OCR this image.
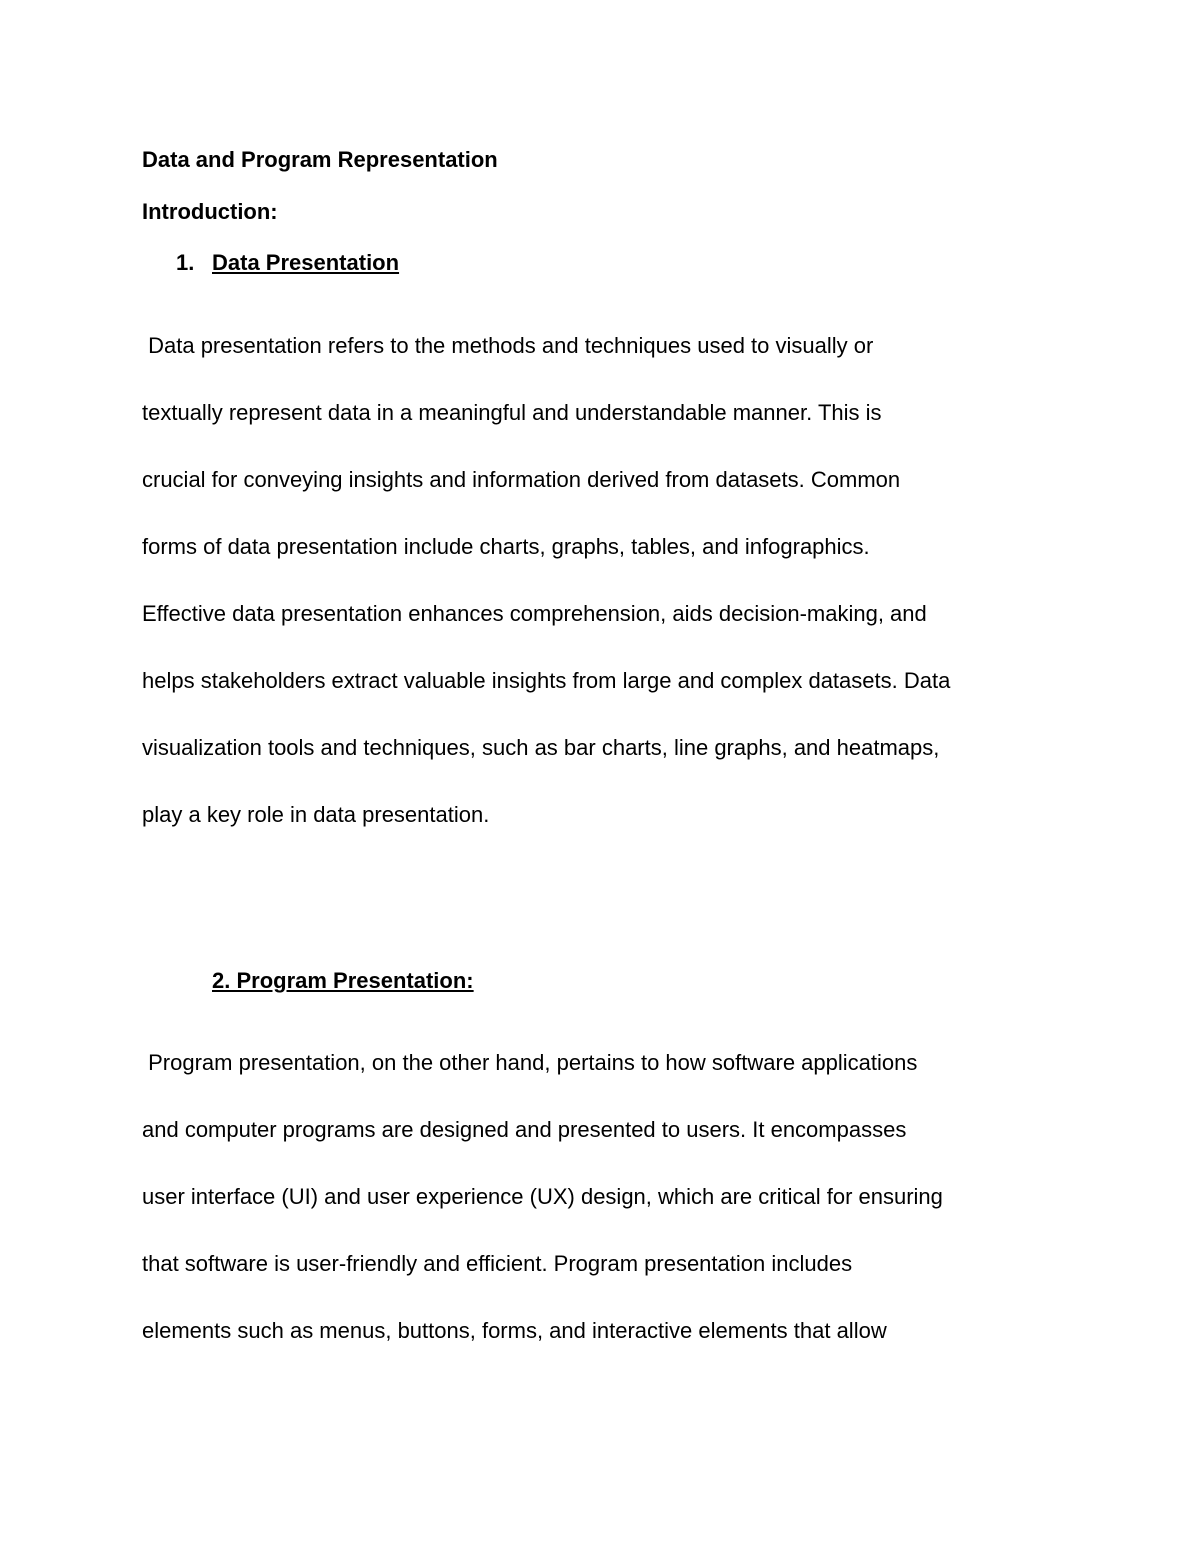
Data and Program Representation

Introduction:

1. Data Presentation

Data presentation refers to the methods and techniques used to visually or
textually represent data in a meaningful and understandable manner. This is
crucial for conveying insights and information derived from datasets. Common
forms of data presentation include charts, graphs, tables, and infographics.
Effective data presentation enhances comprehension, aids decision-making, and
helps stakeholders extract valuable insights from large and complex datasets. Data
visualization tools and techniques, such as bar charts, line graphs, and heatmaps,
play a key role in data presentation.

2. Program Presentation:

Program presentation, on the other hand, pertains to how software applications
and computer programs are designed and presented to users. It encompasses
user interface (UI) and user experience (UX) design, which are critical for ensuring
that software is user-friendly and efficient. Program presentation includes
elements such as menus, buttons, forms, and interactive elements that allow
